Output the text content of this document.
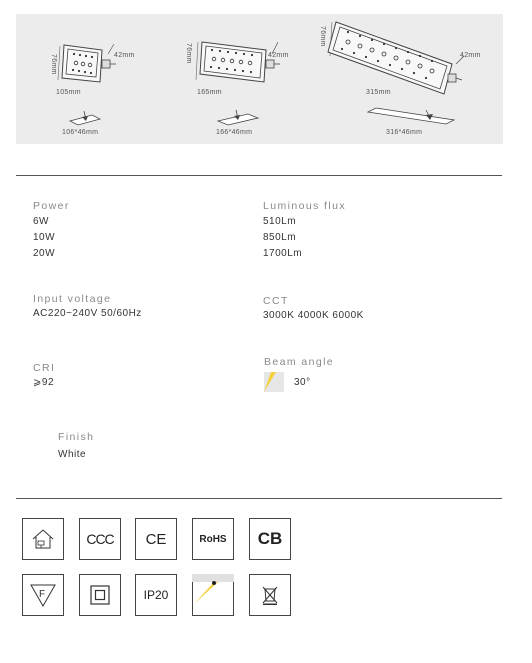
76mm	42mm
105mm
106*46mm
76mm	42mm
165mm
166*46mm
76mm
42mm
315mm
316*46mm
Power
6W
10W
20W
Luminous flux
510Lm
850Lm
1700Lm
Input voltage
AC220~240V 50/60Hz
CCT
3000K 4000K 6000K
CRI
⩾92
Beam angle
30°
Finish
White
CCC CE	RoHS CB
F	IP20
